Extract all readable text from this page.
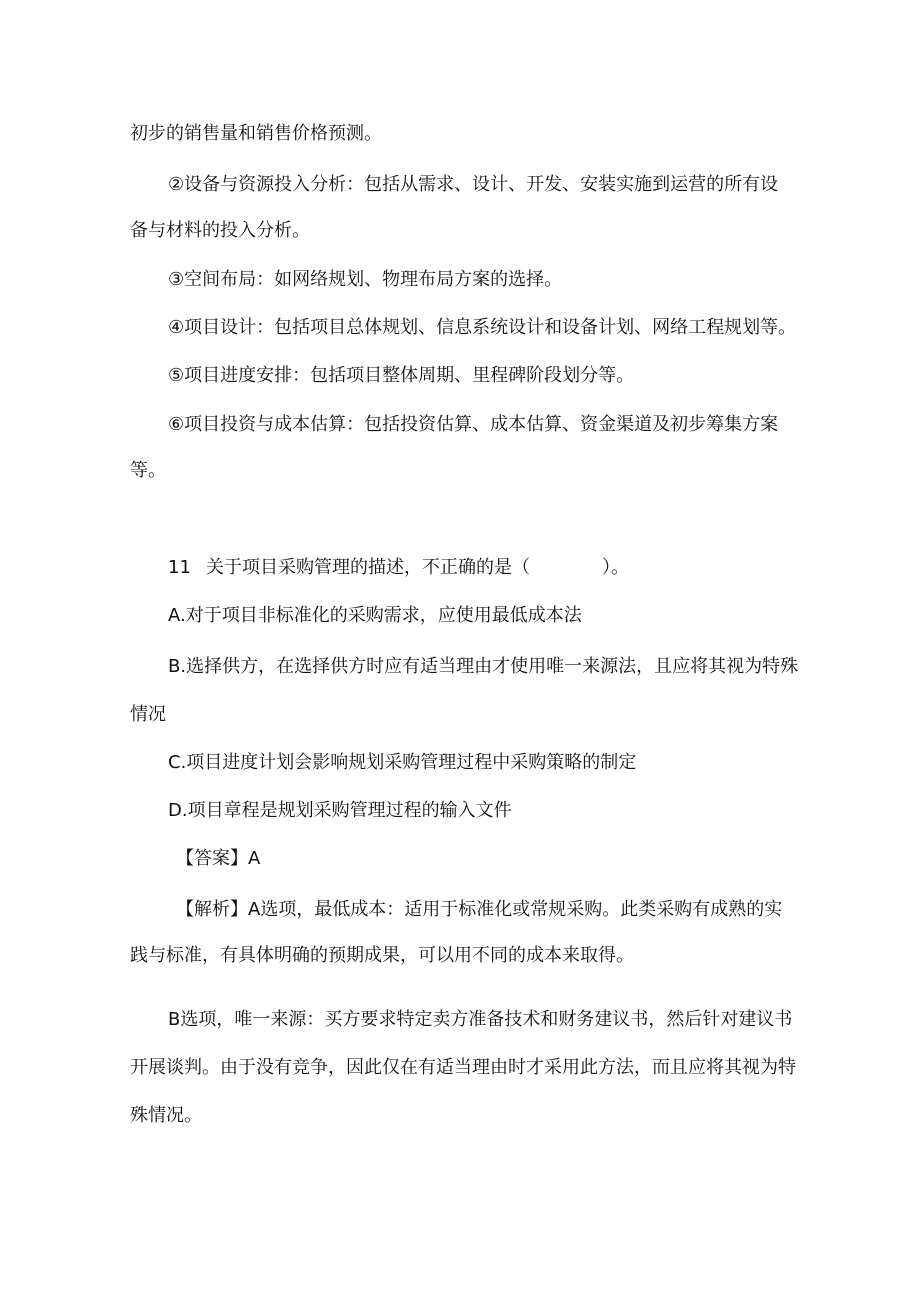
初步的销售量和销售价格预测。
②设备与资源投入分析：包括从需求、设计、开发、安装实施到运营的所有设
备与材料的投入分析。
③空间布局：如网络规划、物理布局方案的选择。
④项目设计：包括项目总体规划、信息系统设计和设备计划、网络工程规划等。
⑤项目进度安排：包括项目整体周期、里程碑阶段划分等。
⑥项目投资与成本估算：包括投资估算、成本估算、资金渠道及初步筹集方案
等。
11 关于项目采购管理的描述，不正确的是（	）。
A.对于项目非标准化的采购需求，应使用最低成本法
B.选择供方，在选择供方时应有适当理由才使用唯一来源法，且应将其视为特殊
情况
C.项目进度计划会影响规划采购管理过程中采购策略的制定
D.项目章程是规划采购管理过程的输入文件
【答案】A
【解析】A选项，最低成本：适用于标准化或常规采购。此类采购有成熟的实
践与标准，有具体明确的预期成果，可以用不同的成本来取得。
B选项，唯一来源：买方要求特定卖方准备技术和财务建议书，然后针对建议书
开展谈判。由于没有竞争，因此仅在有适当理由时才采用此方法，而且应将其视为特
殊情况。
